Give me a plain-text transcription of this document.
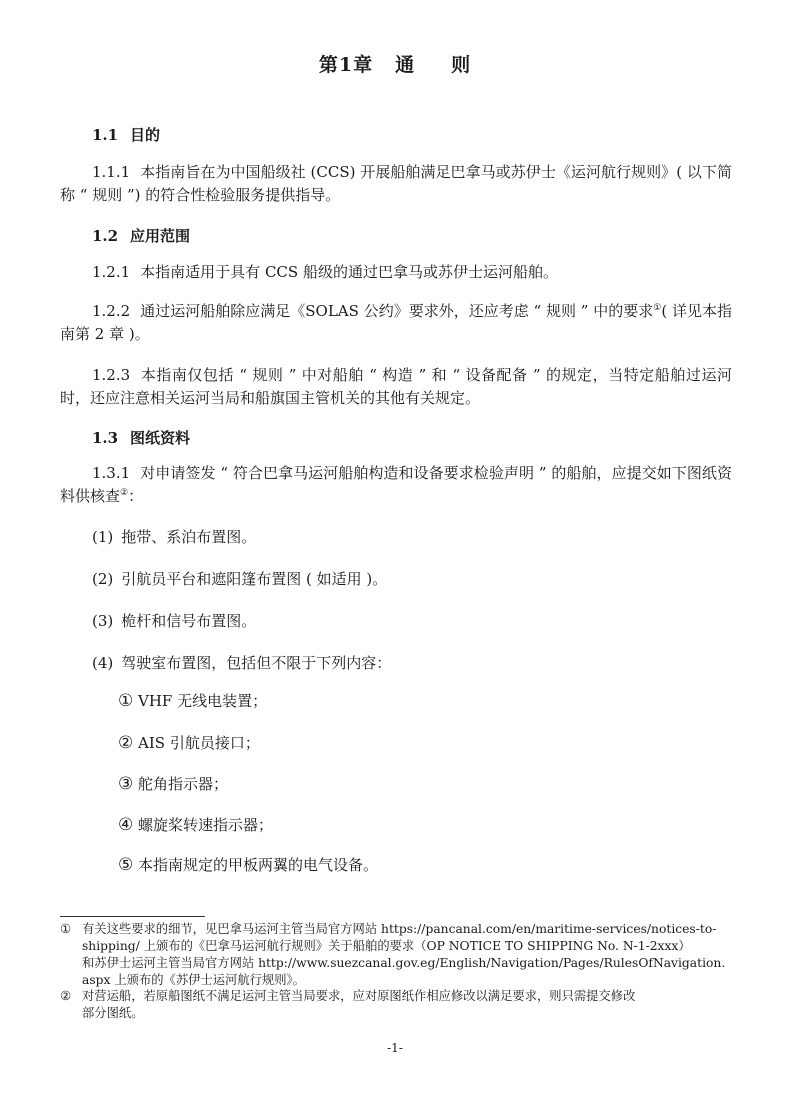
第1章 通 则
1.1 目的
1.1.1 本指南旨在为中国船级社 (CCS) 开展船舶满足巴拿马或苏伊士《运河航行规则》( 以下简称 “ 规则 ”) 的符合性检验服务提供指导。
1.2 应用范围
1.2.1 本指南适用于具有 CCS 船级的通过巴拿马或苏伊士运河船舶。
1.2.2 通过运河船舶除应满足《SOLAS 公约》要求外，还应考虑 “ 规则 ” 中的要求①( 详见本指南第 2 章 )。
1.2.3 本指南仅包括 “ 规则 ” 中对船舶 “ 构造 ” 和 “ 设备配备 ” 的规定，当特定船舶过运河时，还应注意相关运河当局和船旗国主管机关的其他有关规定。
1.3 图纸资料
1.3.1 对申请签发 “ 符合巴拿马运河船舶构造和设备要求检验声明 ” 的船舶，应提交如下图纸资料供核查②：
(1) 拖带、系泊布置图。
(2) 引航员平台和遮阳篷布置图 ( 如适用 )。
(3) 桅杆和信号布置图。
(4) 驾驶室布置图，包括但不限于下列内容：
① VHF 无线电装置；
② AIS 引航员接口；
③ 舵角指示器；
④ 螺旋桨转速指示器；
⑤ 本指南规定的甲板两翼的电气设备。
① 有关这些要求的细节，见巴拿马运河主管当局官方网站 https://pancanal.com/en/maritime-services/notices-to-
shipping/ 上颁布的《巴拿马运河航行规则》关于船舶的要求（OP NOTICE TO SHIPPING No. N-1-2xxx）
和苏伊士运河主管当局官方网站 http://www.suezcanal.gov.eg/English/Navigation/Pages/RulesOfNavigation.
aspx 上颁布的《苏伊士运河航行规则》。
② 对营运船，若原船图纸不满足运河主管当局要求，应对原图纸作相应修改以满足要求，则只需提交修改
部分图纸。
-1-
